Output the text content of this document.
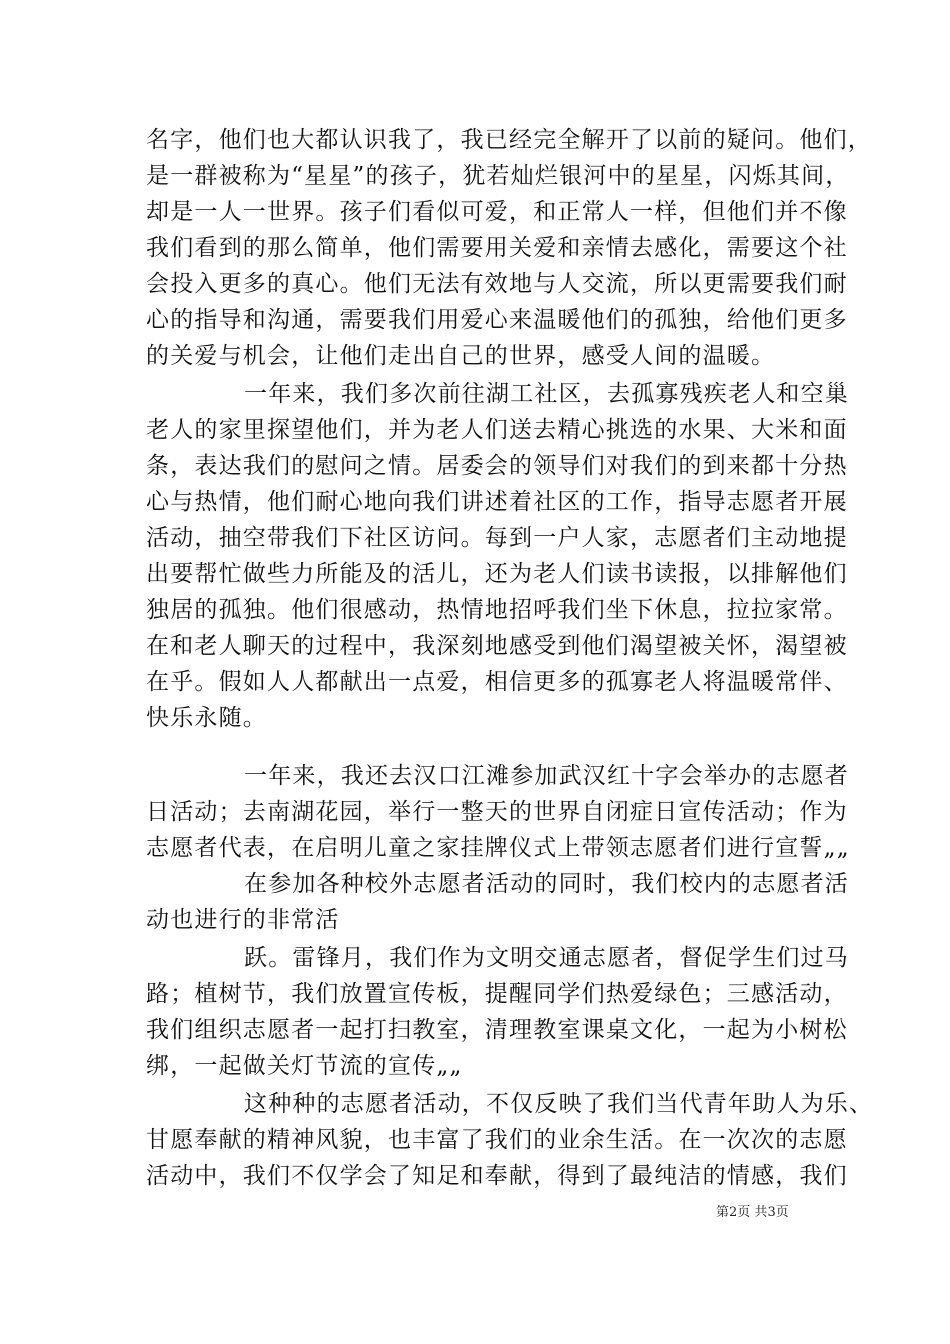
名字，他们也大都认识我了，我已经完全解开了以前的疑问。他们，
是一群被称为“星星”的孩子，犹若灿烂银河中的星星，闪烁其间，
却是一人一世界。孩子们看似可爱，和正常人一样，但他们并不像
我们看到的那么简单，他们需要用关爱和亲情去感化，需要这个社
会投入更多的真心。他们无法有效地与人交流，所以更需要我们耐
心的指导和沟通，需要我们用爱心来温暖他们的孤独，给他们更多
的关爱与机会，让他们走出自己的世界，感受人间的温暖。
一年来，我们多次前往湖工社区，去孤寡残疾老人和空巢
老人的家里探望他们，并为老人们送去精心挑选的水果、大米和面
条，表达我们的慰问之情。居委会的领导们对我们的到来都十分热
心与热情，他们耐心地向我们讲述着社区的工作，指导志愿者开展
活动，抽空带我们下社区访问。每到一户人家，志愿者们主动地提
出要帮忙做些力所能及的活儿，还为老人们读书读报，以排解他们
独居的孤独。他们很感动，热情地招呼我们坐下休息，拉拉家常。
在和老人聊天的过程中，我深刻地感受到他们渴望被关怀，渴望被
在乎。假如人人都献出一点爱，相信更多的孤寡老人将温暖常伴、
快乐永随。
一年来，我还去汉口江滩参加武汉红十字会举办的志愿者
日活动；去南湖花园，举行一整天的世界自闭症日宣传活动；作为
志愿者代表，在启明儿童之家挂牌仪式上带领志愿者们进行宣誓„„
在参加各种校外志愿者活动的同时，我们校内的志愿者活
动也进行的非常活
跃。雷锋月，我们作为文明交通志愿者，督促学生们过马
路；植树节，我们放置宣传板，提醒同学们热爱绿色；三感活动，
我们组织志愿者一起打扫教室，清理教室课桌文化，一起为小树松
绑，一起做关灯节流的宣传„„
这种种的志愿者活动，不仅反映了我们当代青年助人为乐、
甘愿奉献的精神风貌，也丰富了我们的业余生活。在一次次的志愿
活动中，我们不仅学会了知足和奉献，得到了最纯洁的情感，我们
第2页 共3页
